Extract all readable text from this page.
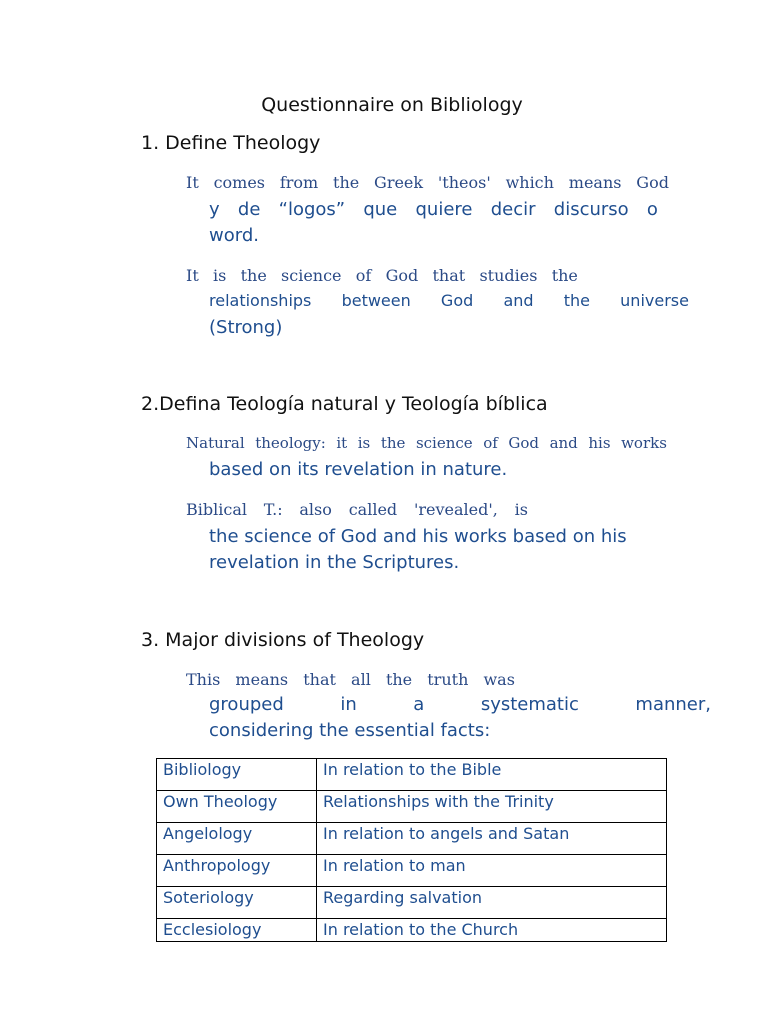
Questionnaire on Bibliology
1. Define Theology
It comes from the Greek 'theos' which means God
y de “logos” que quiere decir discurso o
word.
It is the science of God that studies the
relationships between God and the universe
(Strong)
2.Defina Teología natural y Teología bíblica
Natural theology: it is the science of God and his works
based on its revelation in nature.
Biblical T.: also called 'revealed', is
the science of God and his works based on his
revelation in the Scriptures.
3. Major divisions of Theology
This means that all the truth was
grouped	in	a	systematic	manner,
considering the essential facts:
Bibliology	In relation to the Bible
Own Theology	Relationships with the Trinity
Angelology	In relation to angels and Satan
Anthropology	In relation to man
Soteriology	Regarding salvation
Ecclesiology	In relation to the Church
